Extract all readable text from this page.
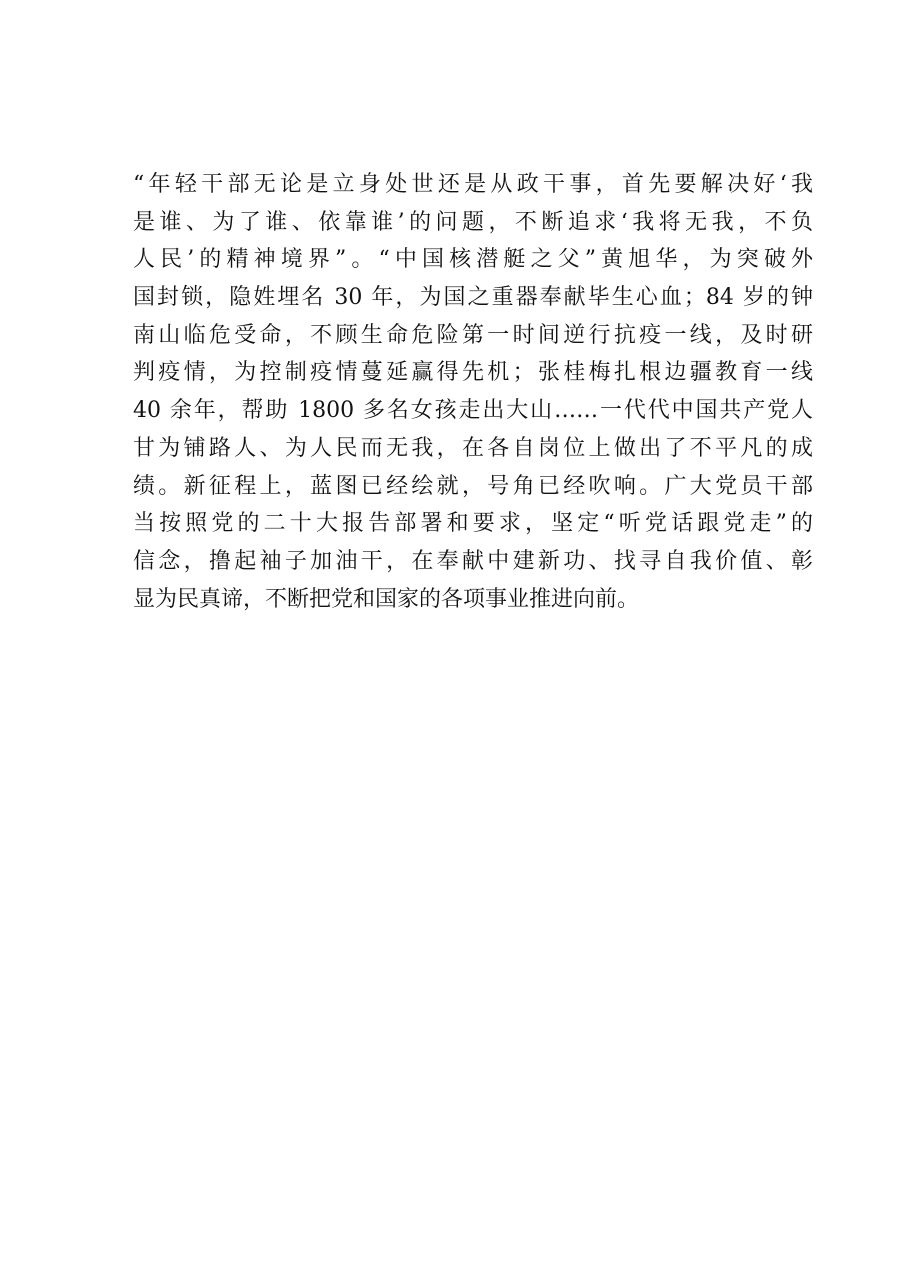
“年轻干部无论是立身处世还是从政干事，首先要解决好‘我
是谁、为了谁、依靠谁’的问题，不断追求‘我将无我，不负
人民’的精神境界”。“中国核潜艇之父”黄旭华，为突破外
国封锁，隐姓埋名 30 年，为国之重器奉献毕生心血；84 岁的钟
南山临危受命，不顾生命危险第一时间逆行抗疫一线，及时研
判疫情，为控制疫情蔓延赢得先机；张桂梅扎根边疆教育一线
40 余年，帮助 1800 多名女孩走出大山……一代代中国共产党人
甘为铺路人、为人民而无我，在各自岗位上做出了不平凡的成
绩。新征程上，蓝图已经绘就，号角已经吹响。广大党员干部
当按照党的二十大报告部署和要求，坚定“听党话跟党走”的
信念，撸起袖子加油干，在奉献中建新功、找寻自我价值、彰
显为民真谛，不断把党和国家的各项事业推进向前。
